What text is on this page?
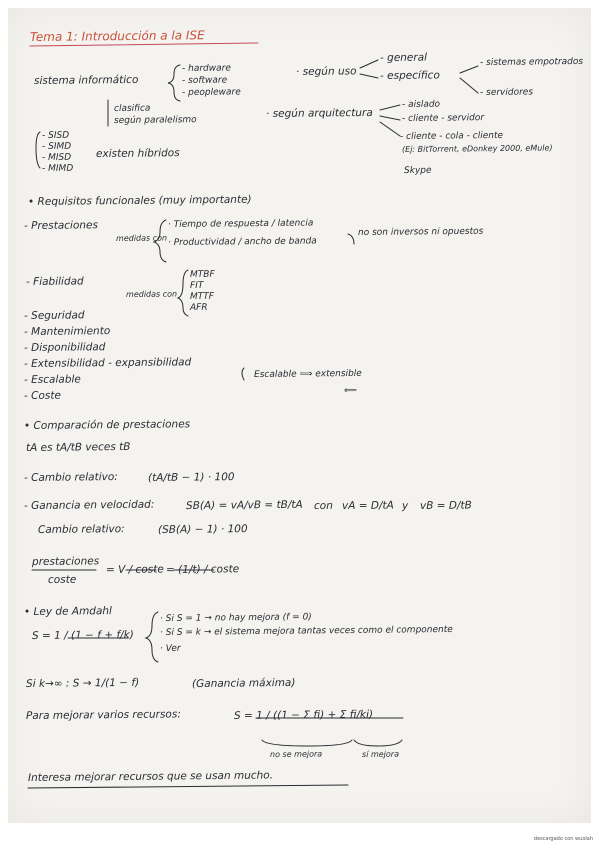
Tema 1: Introducción a la ISE
sistema informático
- hardware
- software
- peopleware
clasifica
según paralelismo
- SISD
- SIMD
- MISD
- MIMD
existen híbridos
· según uso
- general
- específico
- sistemas empotrados
- servidores
· según arquitectura
- aislado
- cliente - servidor
- cliente - cola - cliente
(Ej: BitTorrent, eDonkey 2000, eMule)
Skype
• Requisitos funcionales (muy importante)
- Prestaciones
medidas con
· Tiempo de respuesta / latencia
· Productividad / ancho de banda
no son inversos ni opuestos
- Fiabilidad
medidas con
MTBF
FIT
MTTF
AFR
- Seguridad
- Mantenimiento
- Disponibilidad
- Extensibilidad - expansibilidad
- Escalable
- Coste
Escalable ⟹ extensible
⟸
• Comparación de prestaciones
tA es tA/tB veces tB
- Cambio relativo:	(tA/tB − 1) · 100
- Ganancia en velocidad:	SB(A) = vA/vB = tB/tA con vA = D/tA y vB = D/tB
Cambio relativo:	(SB(A) − 1) · 100
prestaciones
coste
= V / coste = (1/t) / coste
• Ley de Amdahl
S = 1 / (1 − f + f/k)
· Si S = 1 → no hay mejora (f = 0)
· Si S = k → el sistema mejora tantas veces como el componente
· Ver
Si k→∞ : S → 1/(1 − f)	(Ganancia máxima)
Para mejorar varios recursos:	S = 1 / ((1 − Σ fi) + Σ fi/ki)
no se mejora	sí mejora
Interesa mejorar recursos que se usan mucho.
descargado con wuolah
